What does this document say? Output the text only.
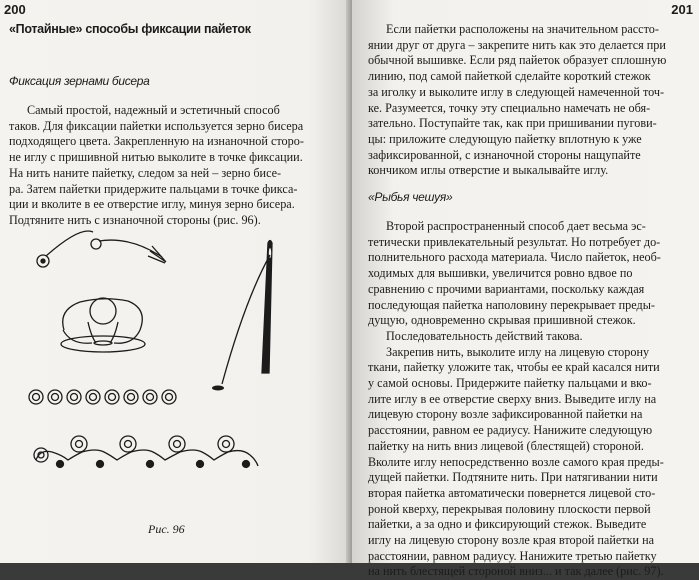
200
«Потайные» способы фиксации пайеток
Фиксация зернами бисера
Самый простой, надежный и эстетичный способ
таков. Для фиксации пайетки используется зерно бисера
подходящего цвета. Закрепленную на изнаночной сторо-
не иглу с пришивной нитью выколите в точке фиксации.
На нить наните пайетку, следом за ней – зерно бисе-
ра. Затем пайетки придержите пальцами в точке фикса-
ции и вколите в ее отверстие иглу, минуя зерно бисера.
Подтяните нить с изнаночной стороны (рис. 96).
Рис. 96
201
Если пайетки расположены на значительном рассто-
янии друг от друга – закрепите нить как это делается при
обычной вышивке. Если ряд пайеток образует сплошную
линию, под самой пайеткой сделайте короткий стежок
за иголку и выколите иглу в следующей намеченной точ-
ке. Разумеется, точку эту специально намечать не обя-
зательно. Поступайте так, как при пришивании пугови-
цы: приложите следующую пайетку вплотную к уже
зафиксированной, с изнаночной стороны нащупайте
кончиком иглы отверстие и выкалывайте иглу.
«Рыбья чешуя»
Второй распространенный способ дает весьма эс-
тетически привлекательный результат. Но потребует до-
полнительного расхода материала. Число пайеток, необ-
ходимых для вышивки, увеличится ровно вдвое по
сравнению с прочими вариантами, поскольку каждая
последующая пайетка наполовину перекрывает преды-
дущую, одновременно скрывая пришивной стежок.
Последовательность действий такова.
Закрепив нить, выколите иглу на лицевую сторону
ткани, пайетку уложите так, чтобы ее край касался нити
у самой основы. Придержите пайетку пальцами и вко-
лите иглу в ее отверстие сверху вниз. Выведите иглу на
лицевую сторону возле зафиксированной пайетки на
расстоянии, равном ее радиусу. Нанижите следующую
пайетку на нить вниз лицевой (блестящей) стороной.
Вколите иглу непосредственно возле самого края преды-
дущей пайетки. Подтяните нить. При натягивании нити
вторая пайетка автоматически повернется лицевой сто-
роной кверху, перекрывая половину плоскости первой
пайетки, а за одно и фиксирующий стежок. Выведите
иглу на лицевую сторону возле края второй пайетки на
расстоянии, равном радиусу. Нанижите третью пайетку
на нить блестящей стороной вниз... и так далее (рис. 97).
